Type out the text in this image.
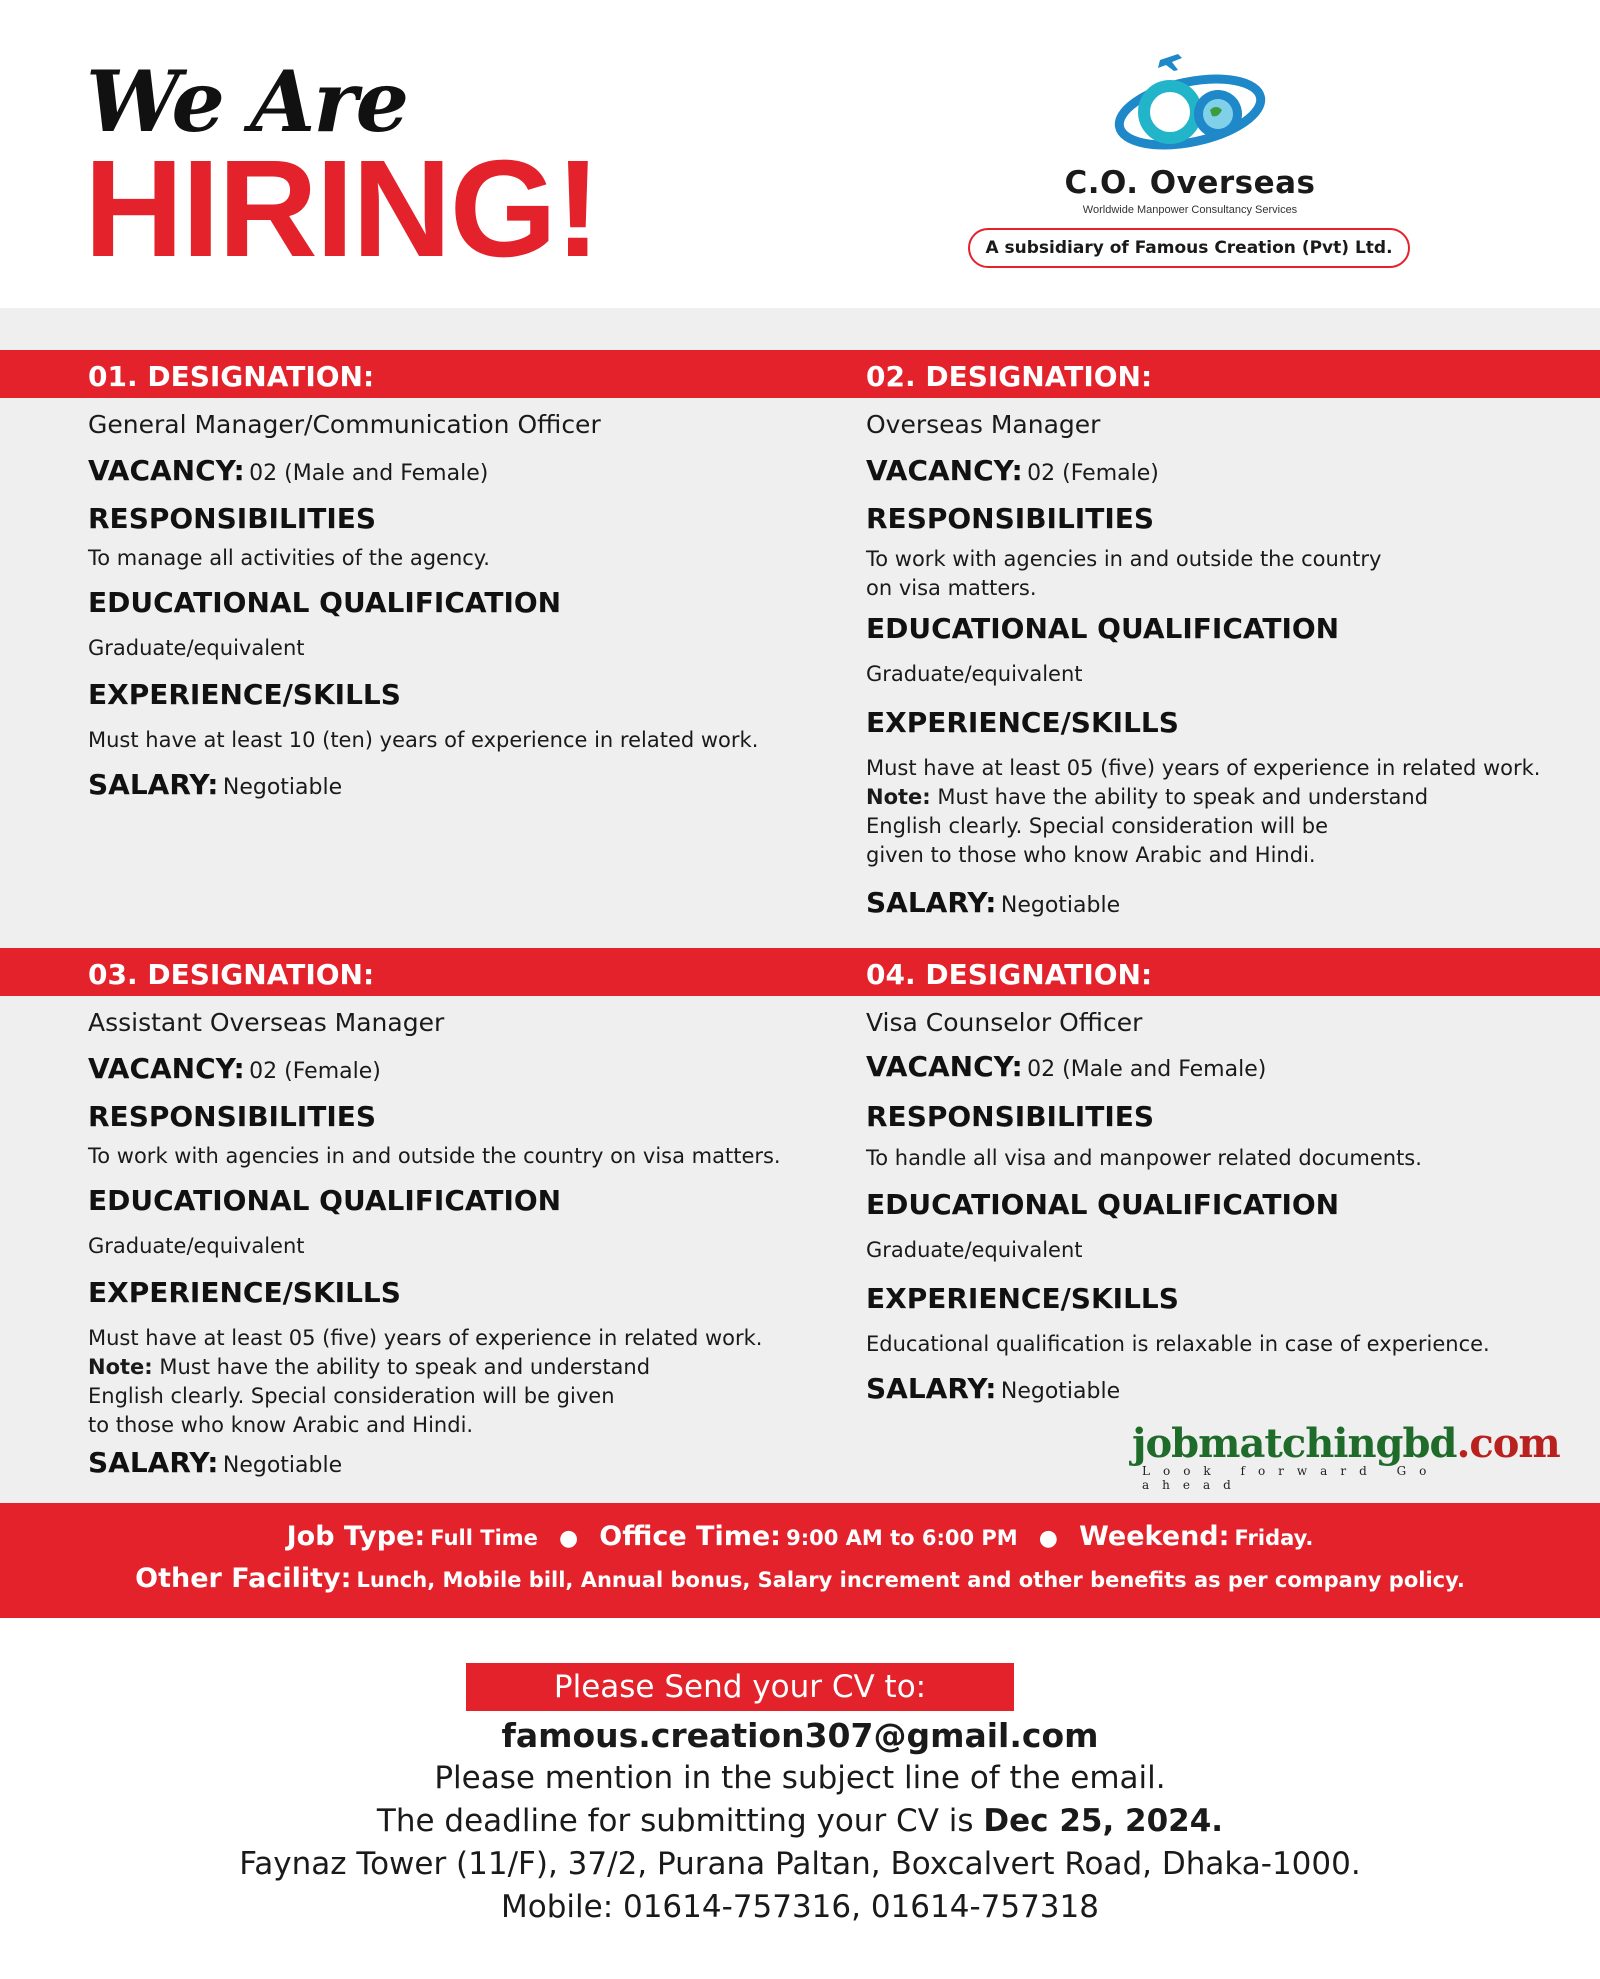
We Are
HIRING!	C.O. Overseas
Worldwide Manpower Consultancy Services
A subsidiary of Famous Creation (Pvt) Ltd.
01. DESIGNATION:	02. DESIGNATION:
03. DESIGNATION:	04. DESIGNATION:
General Manager/Communication Officer
VACANCY: 02 (Male and Female)
RESPONSIBILITIES
To manage all activities of the agency.
EDUCATIONAL QUALIFICATION
Graduate/equivalent
EXPERIENCE/SKILLS
Must have at least 10 (ten) years of experience in related work.
SALARY: Negotiable
Overseas Manager
VACANCY: 02 (Female)
RESPONSIBILITIES
To work with agencies in and outside the country
on visa matters.
EDUCATIONAL QUALIFICATION
Graduate/equivalent
EXPERIENCE/SKILLS
Must have at least 05 (five) years of experience in related work.
Note: Must have the ability to speak and understand
English clearly. Special consideration will be
given to those who know Arabic and Hindi.
SALARY: Negotiable
Assistant Overseas Manager
VACANCY: 02 (Female)
RESPONSIBILITIES
To work with agencies in and outside the country on visa matters.
EDUCATIONAL QUALIFICATION
Graduate/equivalent
EXPERIENCE/SKILLS
Must have at least 05 (five) years of experience in related work.
Note: Must have the ability to speak and understand
English clearly. Special consideration will be given
to those who know Arabic and Hindi.
SALARY: Negotiable
Visa Counselor Officer
VACANCY: 02 (Male and Female)
RESPONSIBILITIES
To handle all visa and manpower related documents.
EDUCATIONAL QUALIFICATION
Graduate/equivalent
EXPERIENCE/SKILLS
Educational qualification is relaxable in case of experience.
SALARY: Negotiable
jobmatchingbd.com
Look forward Go ahead
Job Type: Full Time ● Office Time: 9:00 AM to 6:00 PM ● Weekend: Friday.
Other Facility: Lunch, Mobile bill, Annual bonus, Salary increment and other benefits as per company policy.
Please Send your CV to:
famous.creation307@gmail.com
Please mention in the subject line of the email.
The deadline for submitting your CV is Dec 25, 2024.
Faynaz Tower (11/F), 37/2, Purana Paltan, Boxcalvert Road, Dhaka-1000.
Mobile: 01614-757316, 01614-757318
